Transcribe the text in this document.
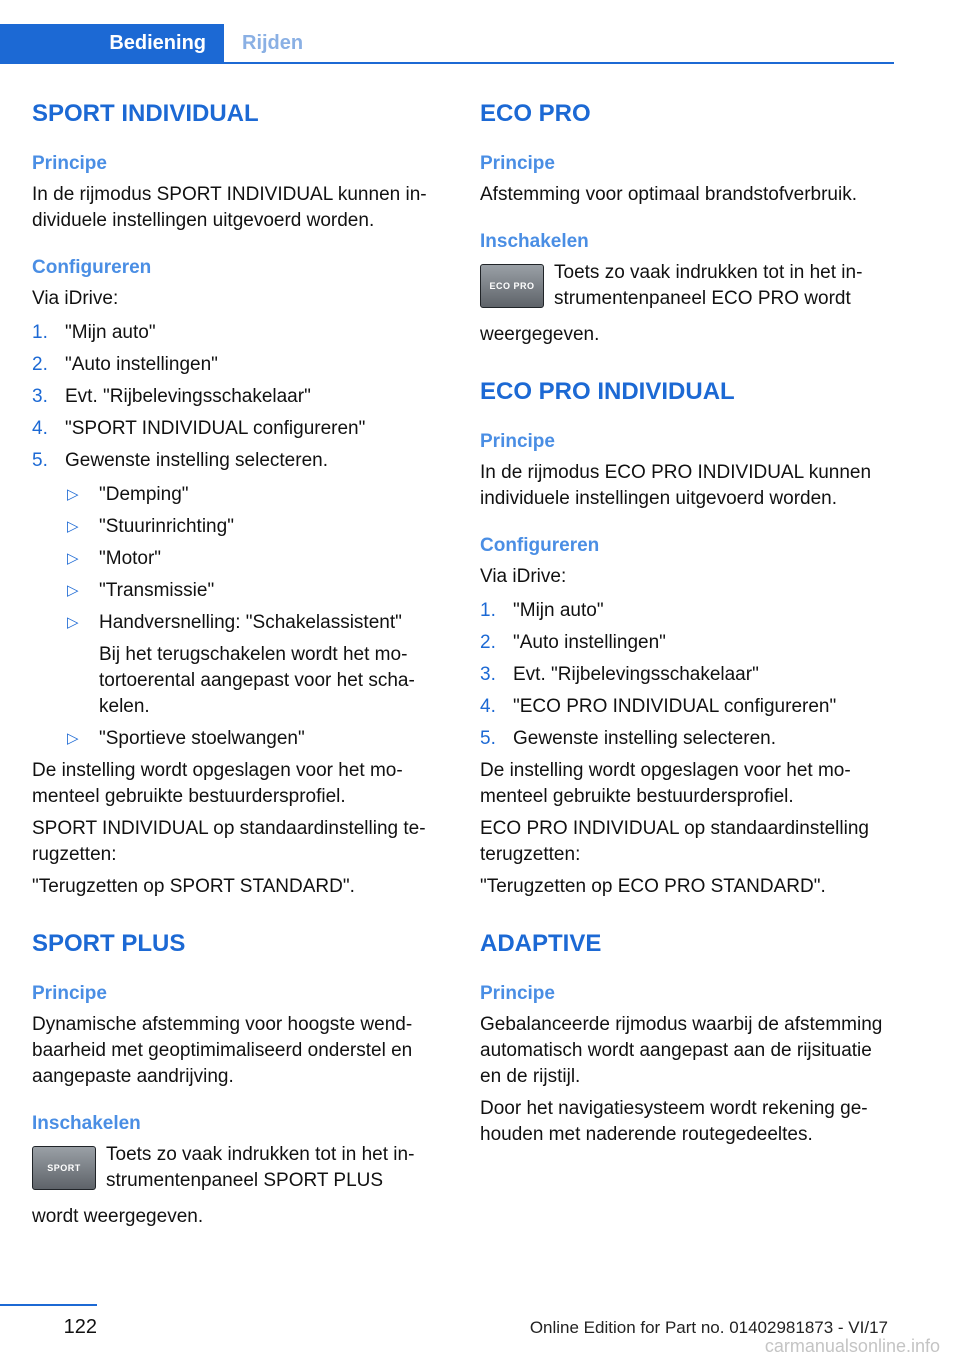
Bediening	Rijden
SPORT INDIVIDUAL
Principe

In de rijmodus SPORT INDIVIDUAL kunnen individuele instellingen uitgevoerd worden.

Configureren

Via iDrive:

1. "Mijn auto"
2. "Auto instellingen"
3. Evt. "Rijbelevingsschakelaar"
4. "SPORT INDIVIDUAL configureren"
5. Gewenste instelling selecteren.
▷ "Demping"
▷ "Stuurinrichting"
▷ "Motor"
▷ "Transmissie"
▷ Handversnelling: "Schakelassistent"
Bij het terugschakelen wordt het motortoerental aangepast voor het schakelen.
▷ "Sportieve stoelwangen"

De instelling wordt opgeslagen voor het momenteel gebruikte bestuurdersprofiel.

SPORT INDIVIDUAL op standaardinstelling terugzetten:

"Terugzetten op SPORT STANDARD".

SPORT PLUS
Principe

Dynamische afstemming voor hoogste wendbaarheid met geoptimimaliseerd onderstel en aangepaste aandrijving.

Inschakelen
SPORT

Toets zo vaak indrukken tot in het instrumentenpaneel SPORT PLUS

wordt weergegeven.

ECO PRO
Principe

Afstemming voor optimaal brandstofverbruik.

Inschakelen
ECO PRO

Toets zo vaak indrukken tot in het instrumentenpaneel ECO PRO wordt

weergegeven.

ECO PRO INDIVIDUAL
Principe

In de rijmodus ECO PRO INDIVIDUAL kunnen individuele instellingen uitgevoerd worden.

Configureren

Via iDrive:

1. "Mijn auto"
2. "Auto instellingen"
3. Evt. "Rijbelevingsschakelaar"
4. "ECO PRO INDIVIDUAL configureren"
5. Gewenste instelling selecteren.

De instelling wordt opgeslagen voor het momenteel gebruikte bestuurdersprofiel.

ECO PRO INDIVIDUAL op standaardinstelling terugzetten:

"Terugzetten op ECO PRO STANDARD".

ADAPTIVE
Principe

Gebalanceerde rijmodus waarbij de afstemming automatisch wordt aangepast aan de rijsituatie en de rijstijl.

Door het navigatiesysteem wordt rekening gehouden met naderende routegedeeltes.

122	Online Edition for Part no. 01402981873 - VI/17
carmanualsonline.info
